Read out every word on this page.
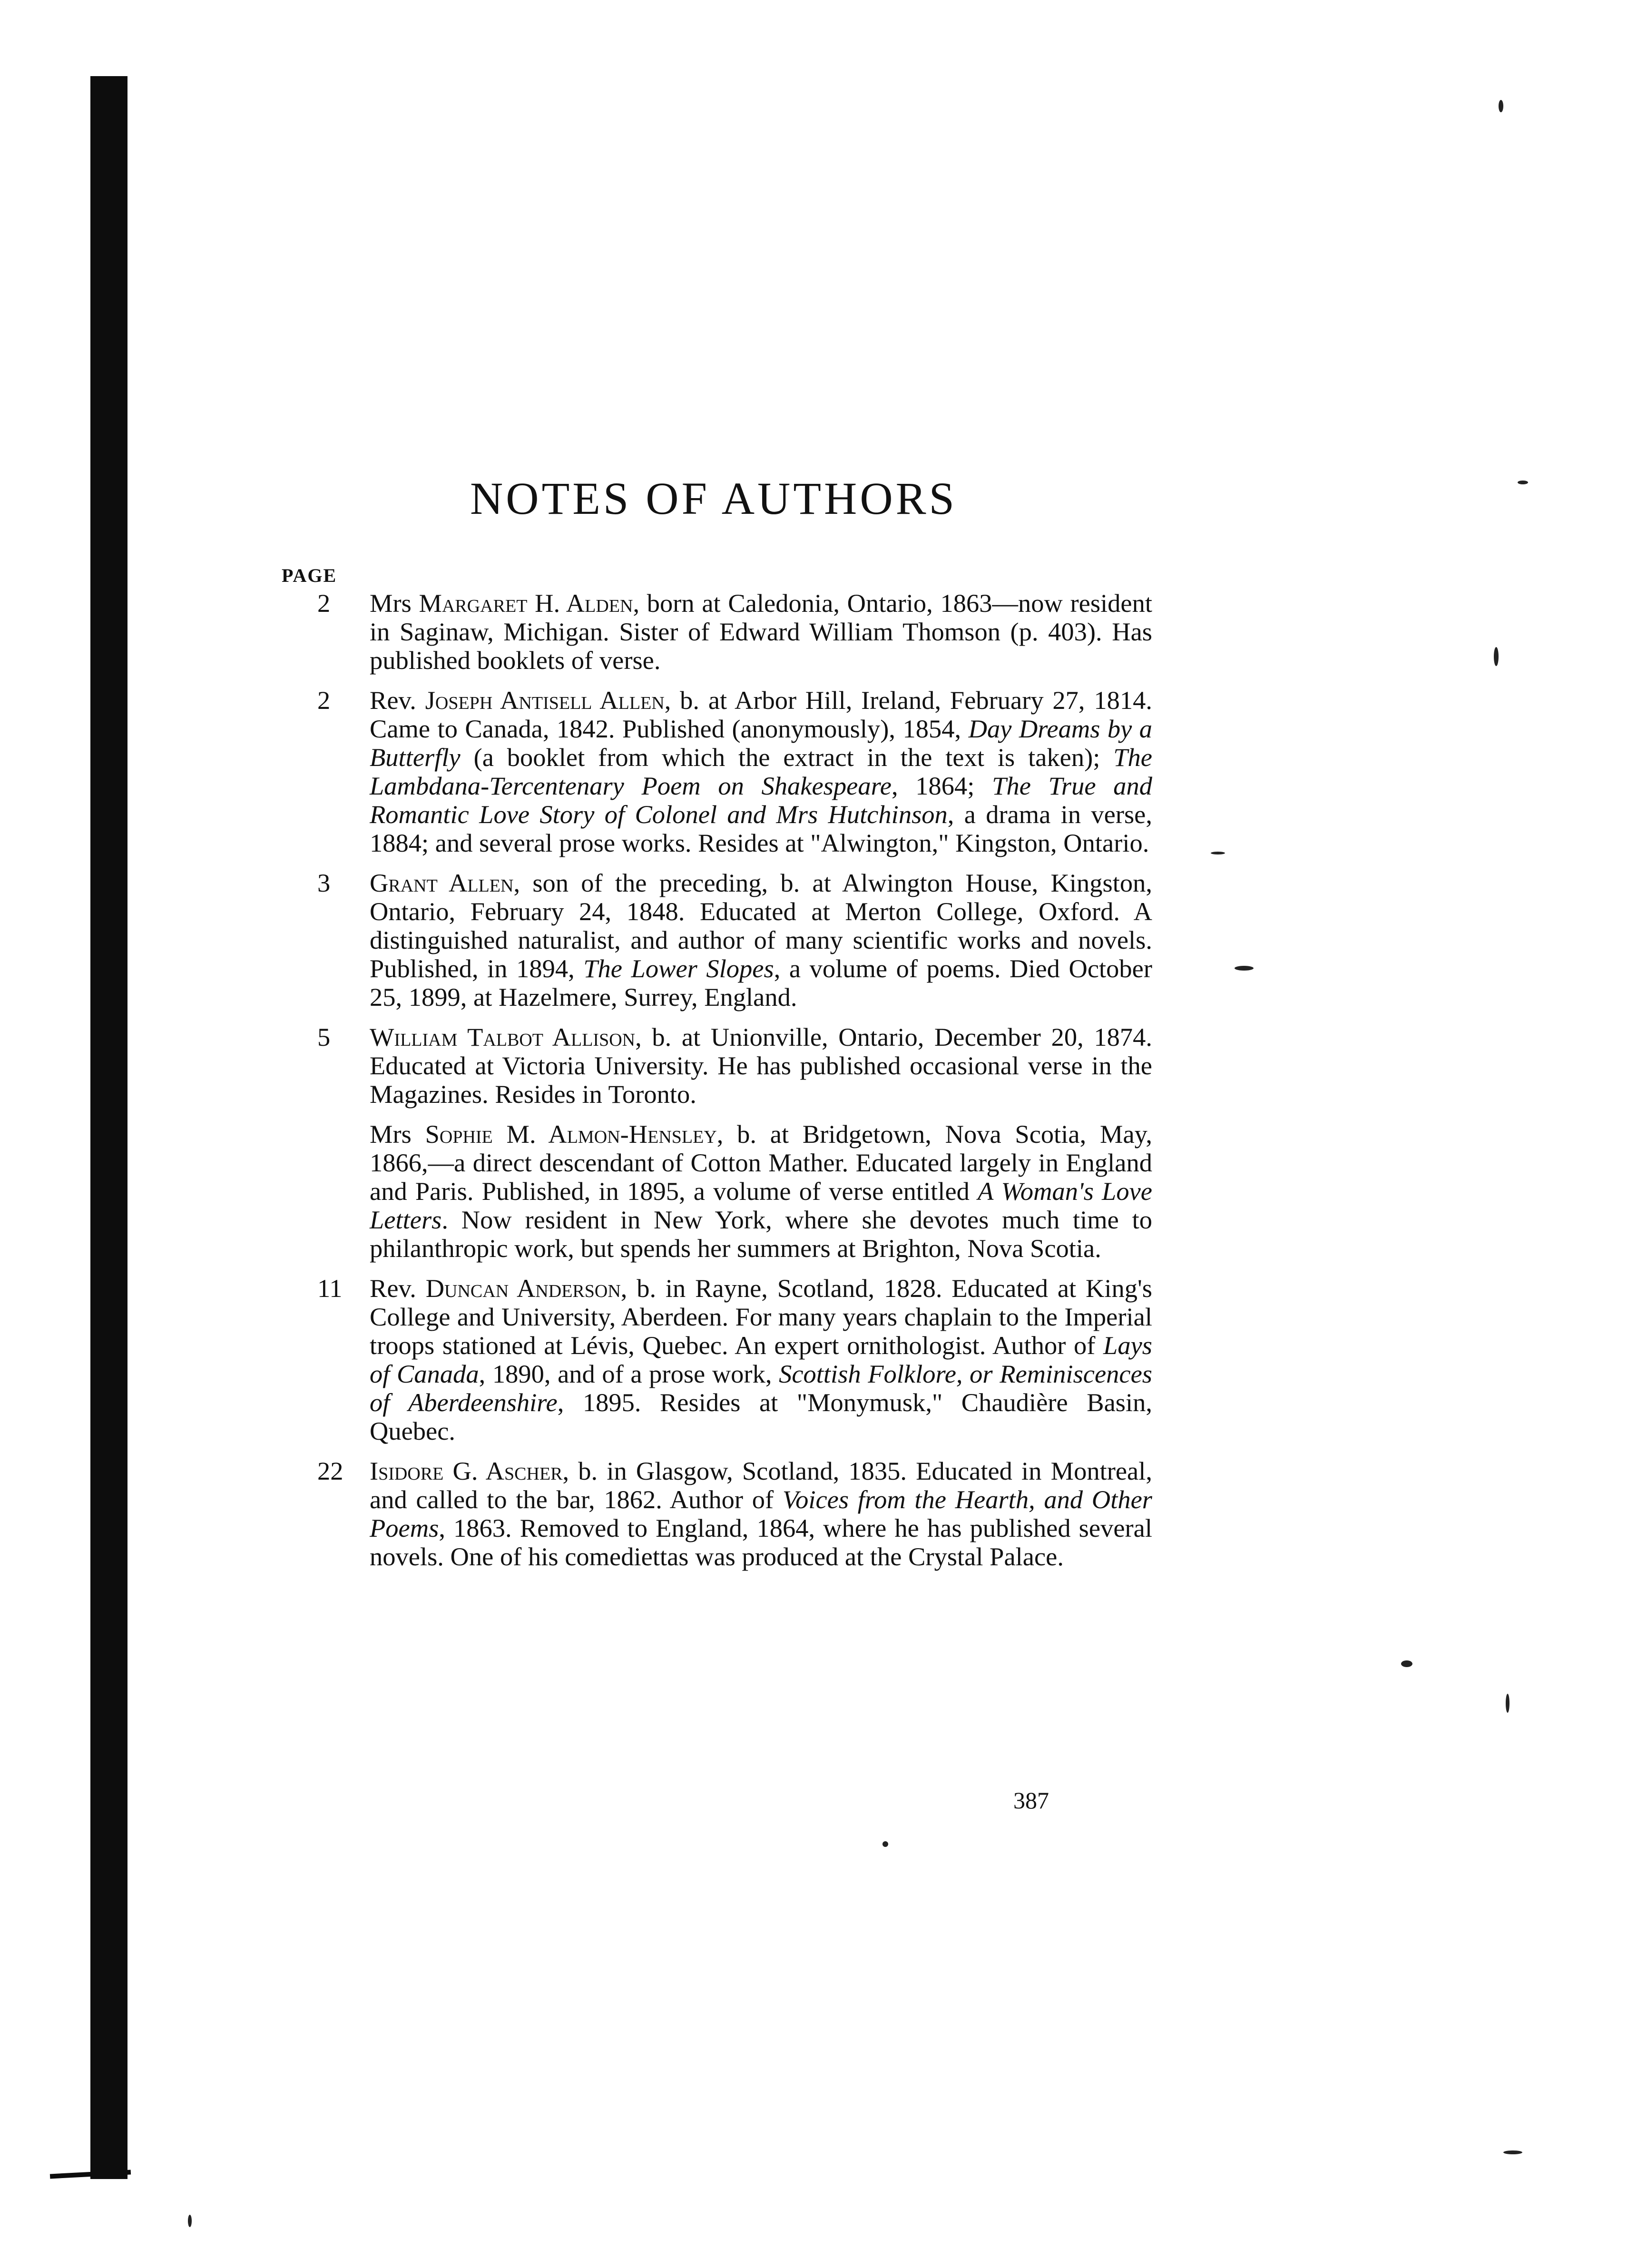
NOTES OF AUTHORS
PAGE

2 Mrs Margaret H. Alden, born at Caledonia, Ontario, 1863—now resident in Saginaw, Michigan. Sister of Edward William Thomson (p. 403). Has published booklets of verse.

2 Rev. Joseph Antisell Allen, b. at Arbor Hill, Ireland, February 27, 1814. Came to Canada, 1842. Published (anonymously), 1854, Day Dreams by a Butterfly (a booklet from which the extract in the text is taken); The Lambdana-Tercentenary Poem on Shakespeare, 1864; The True and Romantic Love Story of Colonel and Mrs Hutchinson, a drama in verse, 1884; and several prose works. Resides at "Alwington," Kingston, Ontario.

3 Grant Allen, son of the preceding, b. at Alwington House, Kingston, Ontario, February 24, 1848. Educated at Merton College, Oxford. A distinguished naturalist, and author of many scientific works and novels. Published, in 1894, The Lower Slopes, a volume of poems. Died October 25, 1899, at Hazelmere, Surrey, England.

5 William Talbot Allison, b. at Unionville, Ontario, December 20, 1874. Educated at Victoria University. He has published occasional verse in the Magazines. Resides in Toronto.

Mrs Sophie M. Almon-Hensley, b. at Bridgetown, Nova Scotia, May, 1866,—a direct descendant of Cotton Mather. Educated largely in England and Paris. Published, in 1895, a volume of verse entitled A Woman's Love Letters. Now resident in New York, where she devotes much time to philanthropic work, but spends her summers at Brighton, Nova Scotia.

11 Rev. Duncan Anderson, b. in Rayne, Scotland, 1828. Educated at King's College and University, Aberdeen. For many years chaplain to the Imperial troops stationed at Lévis, Quebec. An expert ornithologist. Author of Lays of Canada, 1890, and of a prose work, Scottish Folklore, or Reminiscences of Aberdeenshire, 1895. Resides at "Monymusk," Chaudière Basin, Quebec.

22 Isidore G. Ascher, b. in Glasgow, Scotland, 1835. Educated in Montreal, and called to the bar, 1862. Author of Voices from the Hearth, and Other Poems, 1863. Removed to England, 1864, where he has published several novels. One of his comediettas was produced at the Crystal Palace.

387
